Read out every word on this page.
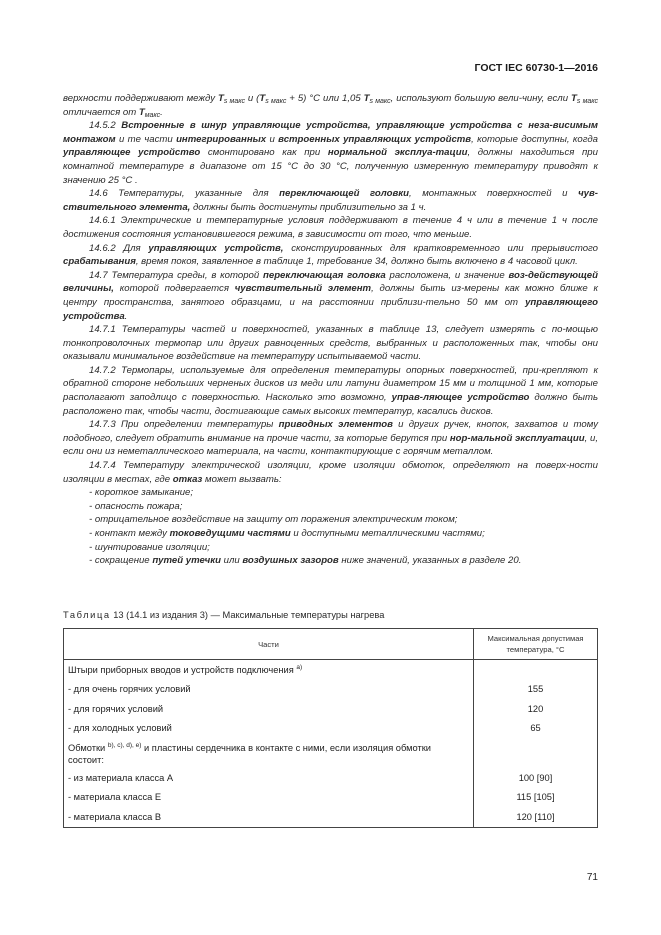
ГОСТ IEC 60730-1—2016

верхности поддерживают между $T_{s макс}$ и $(T_{s макс} + 5)$ °C или 1,05 $T_{s макс}$, используют большую вели-чину, если $T_{s макс}$ отличается от $T_{макс}$.

14.5.2 Встроенные в шнур управляющие устройства, управляющие устройства с неза-висимым монтажом и те части интегрированных и встроенных управляющих устройств, которые доступны, когда управляющее устройство смонтировано как при нормальной эксплуа-тации, должны находиться при комнатной температуре в диапазоне от 15 °C до 30 °C, полученную измеренную температуру приводят к значению 25 °C .

14.6 Температуры, указанные для переключающей головки, монтажных поверхностей и чув-ствительного элемента, должны быть достигнуты приблизительно за 1 ч.

14.6.1 Электрические и температурные условия поддерживают в течение 4 ч или в течение 1 ч после достижения состояния установившегося режима, в зависимости от того, что меньше.

14.6.2 Для управляющих устройств, сконструированных для кратковременного или прерывистого срабатывания, время покоя, заявленное в таблице 1, требование 34, должно быть включено в 4 часовой цикл.

14.7 Температура среды, в которой переключающая головка расположена, и значение воз-действующей величины, которой подвергается чувствительный элемент, должны быть из-мерены как можно ближе к центру пространства, занятого образцами, и на расстоянии приблизи-тельно 50 мм от управляющего устройства.

14.7.1 Температуры частей и поверхностей, указанных в таблице 13, следует измерять с по-мощью тонкопроволочных термопар или других равноценных средств, выбранных и расположенных так, чтобы они оказывали минимальное воздействие на температуру испытываемой части.

14.7.2 Термопары, используемые для определения температуры опорных поверхностей, при-крепляют к обратной стороне небольших черненых дисков из меди или латуни диаметром 15 мм и толщиной 1 мм, которые располагают заподлицо с поверхностью. Насколько это возможно, управ-ляющее устройство должно быть расположено так, чтобы части, достигающие самых высоких температур, касались дисков.

14.7.3 При определении температуры приводных элементов и других ручек, кнопок, захватов и тому подобного, следует обратить внимание на прочие части, за которые берутся при нор-мальной эксплуатации, и, если они из неметаллического материала, на части, контактирующие с горячим металлом.

14.7.4 Температуру электрической изоляции, кроме изоляции обмоток, определяют на поверх-ности изоляции в местах, где отказ может вызвать:

- короткое замыкание;

- опасность пожара;

- отрицательное воздействие на защиту от поражения электрическим током;

- контакт между токоведущими частями и доступными металлическими частями;

- шунтирование изоляции;

- сокращение путей утечки или воздушных зазоров ниже значений, указанных в разделе 20.

Таблица 13 (14.1 из издания 3) — Максимальные температуры нагрева
Части	Максимальная допустимая температура, °C
Штыри приборных вводов и устройств подключения $^{a)}$	
- для очень горячих условий	155
- для горячих условий	120
- для холодных условий	65
Обмотки $^{b), c), d), e)}$ и пластины сердечника в контакте с ними, если изоляция обмотки состоит:	
- из материала класса А	100 [90]
- материала класса Е	115 [105]
- материала класса В	120 [110]
71
